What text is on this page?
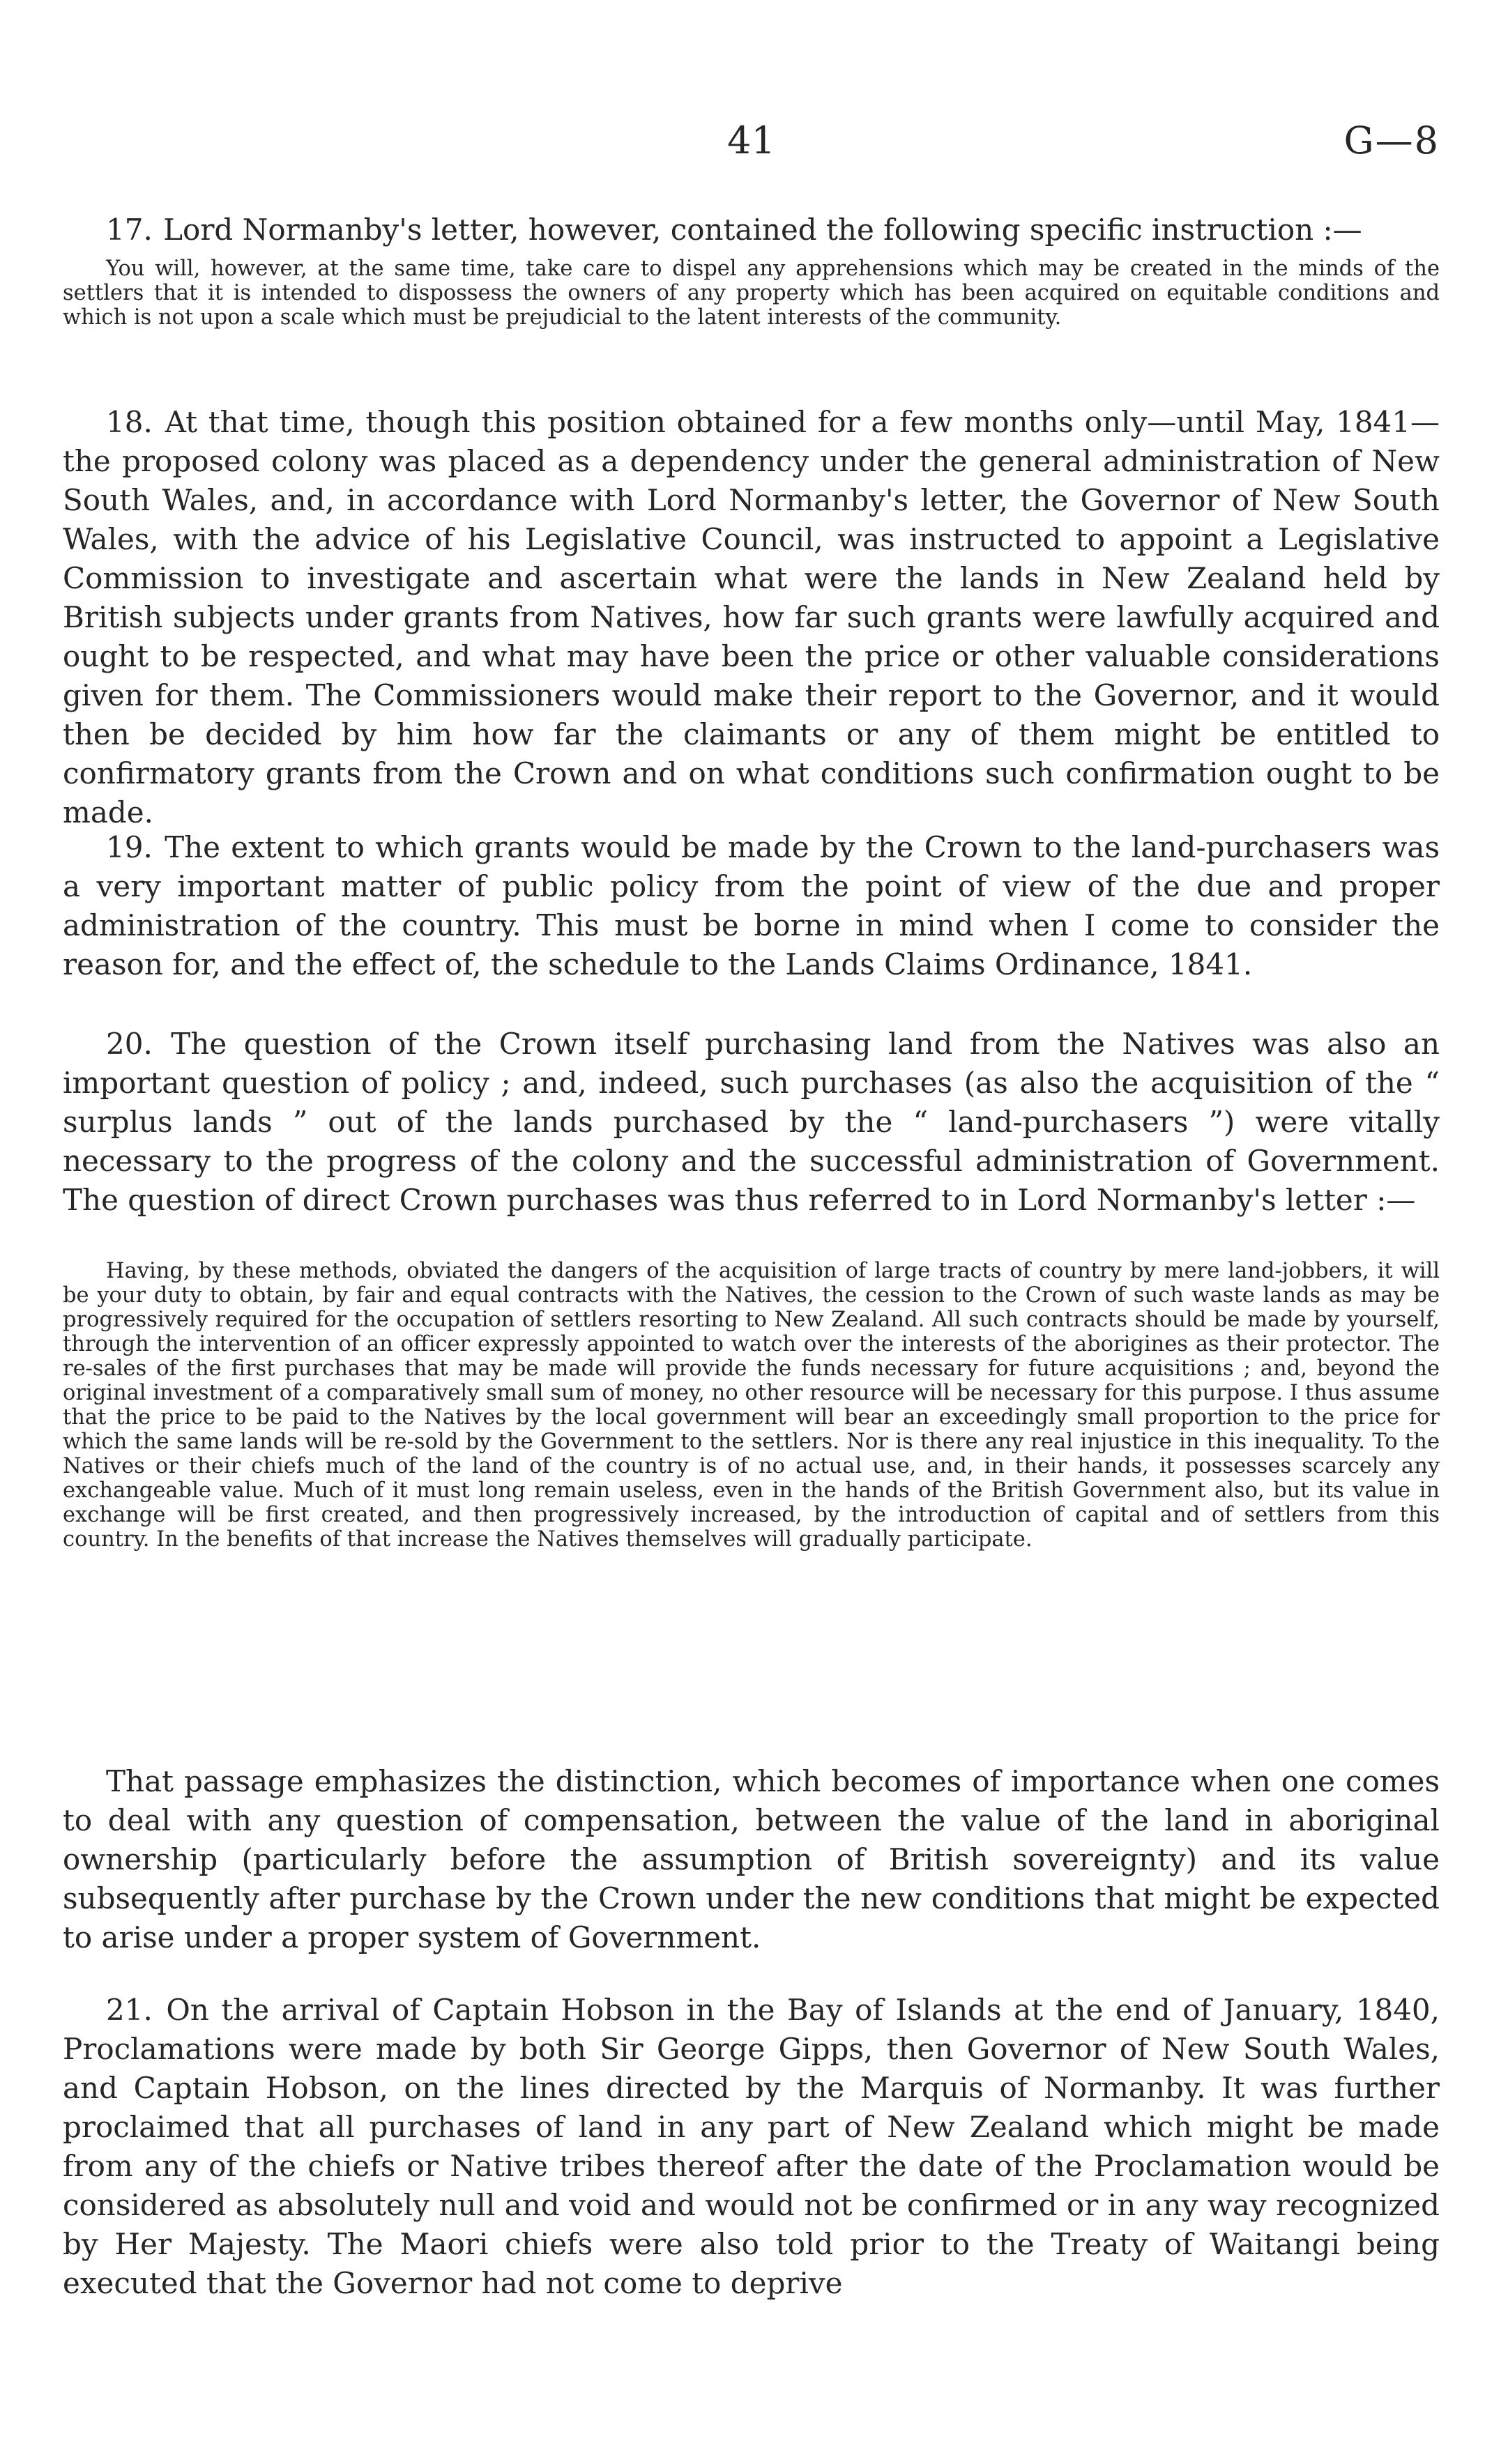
41	G—8

17. Lord Normanby's letter, however, contained the following specific instruction :—

You will, however, at the same time, take care to dispel any apprehensions which may be created in the minds of the settlers that it is intended to dispossess the owners of any property which has been acquired on equitable conditions and which is not upon a scale which must be prejudicial to the latent interests of the community.

18. At that time, though this position obtained for a few months only—until May, 1841—the proposed colony was placed as a dependency under the general administration of New South Wales, and, in accordance with Lord Normanby's letter, the Governor of New South Wales, with the advice of his Legislative Council, was instructed to appoint a Legislative Commission to investigate and ascertain what were the lands in New Zealand held by British subjects under grants from Natives, how far such grants were lawfully acquired and ought to be respected, and what may have been the price or other valuable considerations given for them. The Commissioners would make their report to the Governor, and it would then be decided by him how far the claimants or any of them might be entitled to confirmatory grants from the Crown and on what conditions such confirmation ought to be made.

19. The extent to which grants would be made by the Crown to the land-purchasers was a very important matter of public policy from the point of view of the due and proper administration of the country. This must be borne in mind when I come to consider the reason for, and the effect of, the schedule to the Lands Claims Ordinance, 1841.

20. The question of the Crown itself purchasing land from the Natives was also an important question of policy ; and, indeed, such purchases (as also the acquisition of the “ surplus lands ” out of the lands purchased by the “ land-purchasers ”) were vitally necessary to the progress of the colony and the successful administration of Government. The question of direct Crown purchases was thus referred to in Lord Normanby's letter :—

Having, by these methods, obviated the dangers of the acquisition of large tracts of country by mere land-jobbers, it will be your duty to obtain, by fair and equal contracts with the Natives, the cession to the Crown of such waste lands as may be progressively required for the occupation of settlers resorting to New Zealand. All such contracts should be made by yourself, through the intervention of an officer expressly appointed to watch over the interests of the aborigines as their protector. The re-sales of the first purchases that may be made will provide the funds necessary for future acquisitions ; and, beyond the original investment of a comparatively small sum of money, no other resource will be necessary for this purpose. I thus assume that the price to be paid to the Natives by the local government will bear an exceedingly small proportion to the price for which the same lands will be re-sold by the Government to the settlers. Nor is there any real injustice in this inequality. To the Natives or their chiefs much of the land of the country is of no actual use, and, in their hands, it possesses scarcely any exchangeable value. Much of it must long remain useless, even in the hands of the British Government also, but its value in exchange will be first created, and then progressively increased, by the introduction of capital and of settlers from this country. In the benefits of that increase the Natives themselves will gradually participate.

That passage emphasizes the distinction, which becomes of importance when one comes to deal with any question of compensation, between the value of the land in aboriginal ownership (particularly before the assumption of British sovereignty) and its value subsequently after purchase by the Crown under the new conditions that might be expected to arise under a proper system of Government.

21. On the arrival of Captain Hobson in the Bay of Islands at the end of January, 1840, Proclamations were made by both Sir George Gipps, then Governor of New South Wales, and Captain Hobson, on the lines directed by the Marquis of Normanby. It was further proclaimed that all purchases of land in any part of New Zealand which might be made from any of the chiefs or Native tribes thereof after the date of the Proclamation would be considered as absolutely null and void and would not be confirmed or in any way recognized by Her Majesty. The Maori chiefs were also told prior to the Treaty of Waitangi being executed that the Governor had not come to deprive
